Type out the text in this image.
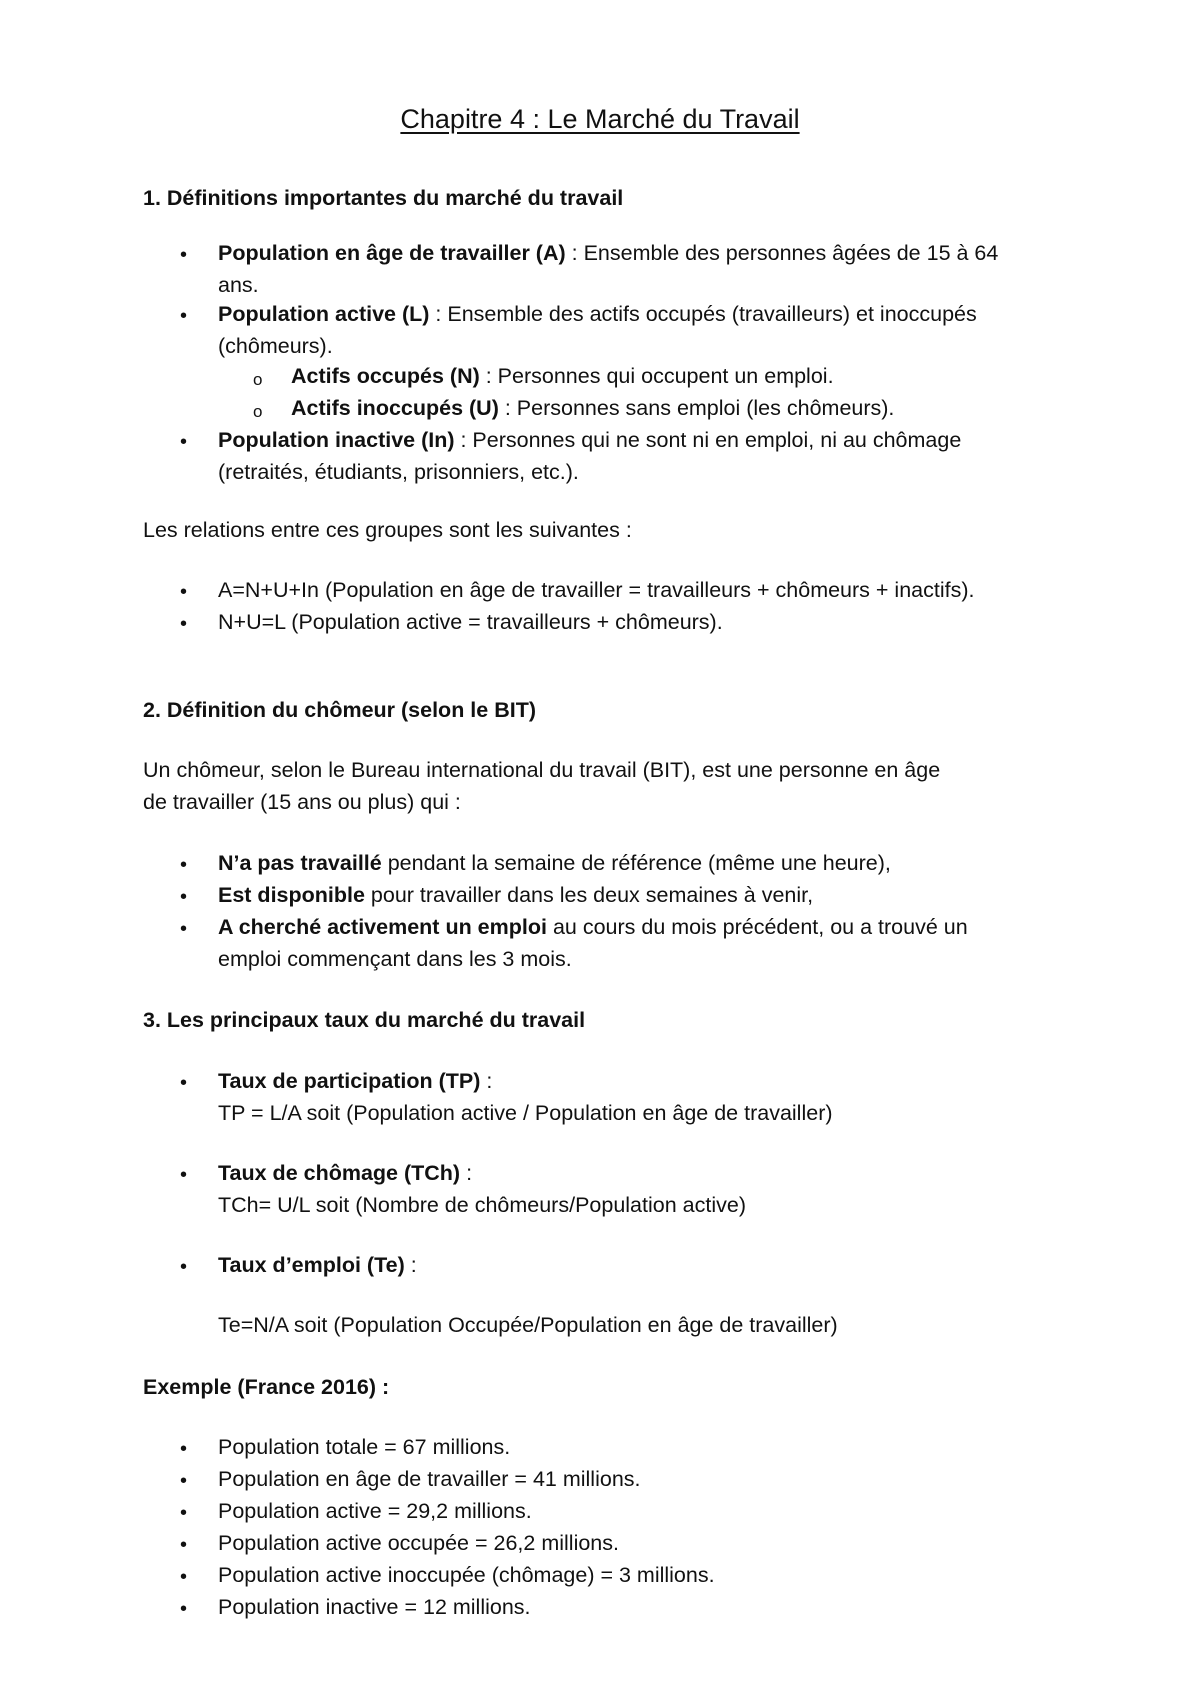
Chapitre 4 : Le Marché du Travail
1. Définitions importantes du marché du travail
• Population en âge de travailler (A) : Ensemble des personnes âgées de 15 à 64
ans.
• Population active (L) : Ensemble des actifs occupés (travailleurs) et inoccupés
(chômeurs).
o Actifs occupés (N) : Personnes qui occupent un emploi.
o Actifs inoccupés (U) : Personnes sans emploi (les chômeurs).
• Population inactive (In) : Personnes qui ne sont ni en emploi, ni au chômage
(retraités, étudiants, prisonniers, etc.).
Les relations entre ces groupes sont les suivantes :
• A=N+U+In (Population en âge de travailler = travailleurs + chômeurs + inactifs).
• N+U=L (Population active = travailleurs + chômeurs).
2. Définition du chômeur (selon le BIT)
Un chômeur, selon le Bureau international du travail (BIT), est une personne en âge
de travailler (15 ans ou plus) qui :
• N’a pas travaillé pendant la semaine de référence (même une heure),
• Est disponible pour travailler dans les deux semaines à venir,
• A cherché activement un emploi au cours du mois précédent, ou a trouvé un
emploi commençant dans les 3 mois.
3. Les principaux taux du marché du travail
• Taux de participation (TP) :
TP = L/A soit (Population active / Population en âge de travailler)
• Taux de chômage (TCh) :
TCh= U/L soit (Nombre de chômeurs/Population active)
• Taux d’emploi (Te) :
Te=N/A soit (Population Occupée/Population en âge de travailler)
Exemple (France 2016) :
• Population totale = 67 millions.
• Population en âge de travailler = 41 millions.
• Population active = 29,2 millions.
• Population active occupée = 26,2 millions.
• Population active inoccupée (chômage) = 3 millions.
• Population inactive = 12 millions.
